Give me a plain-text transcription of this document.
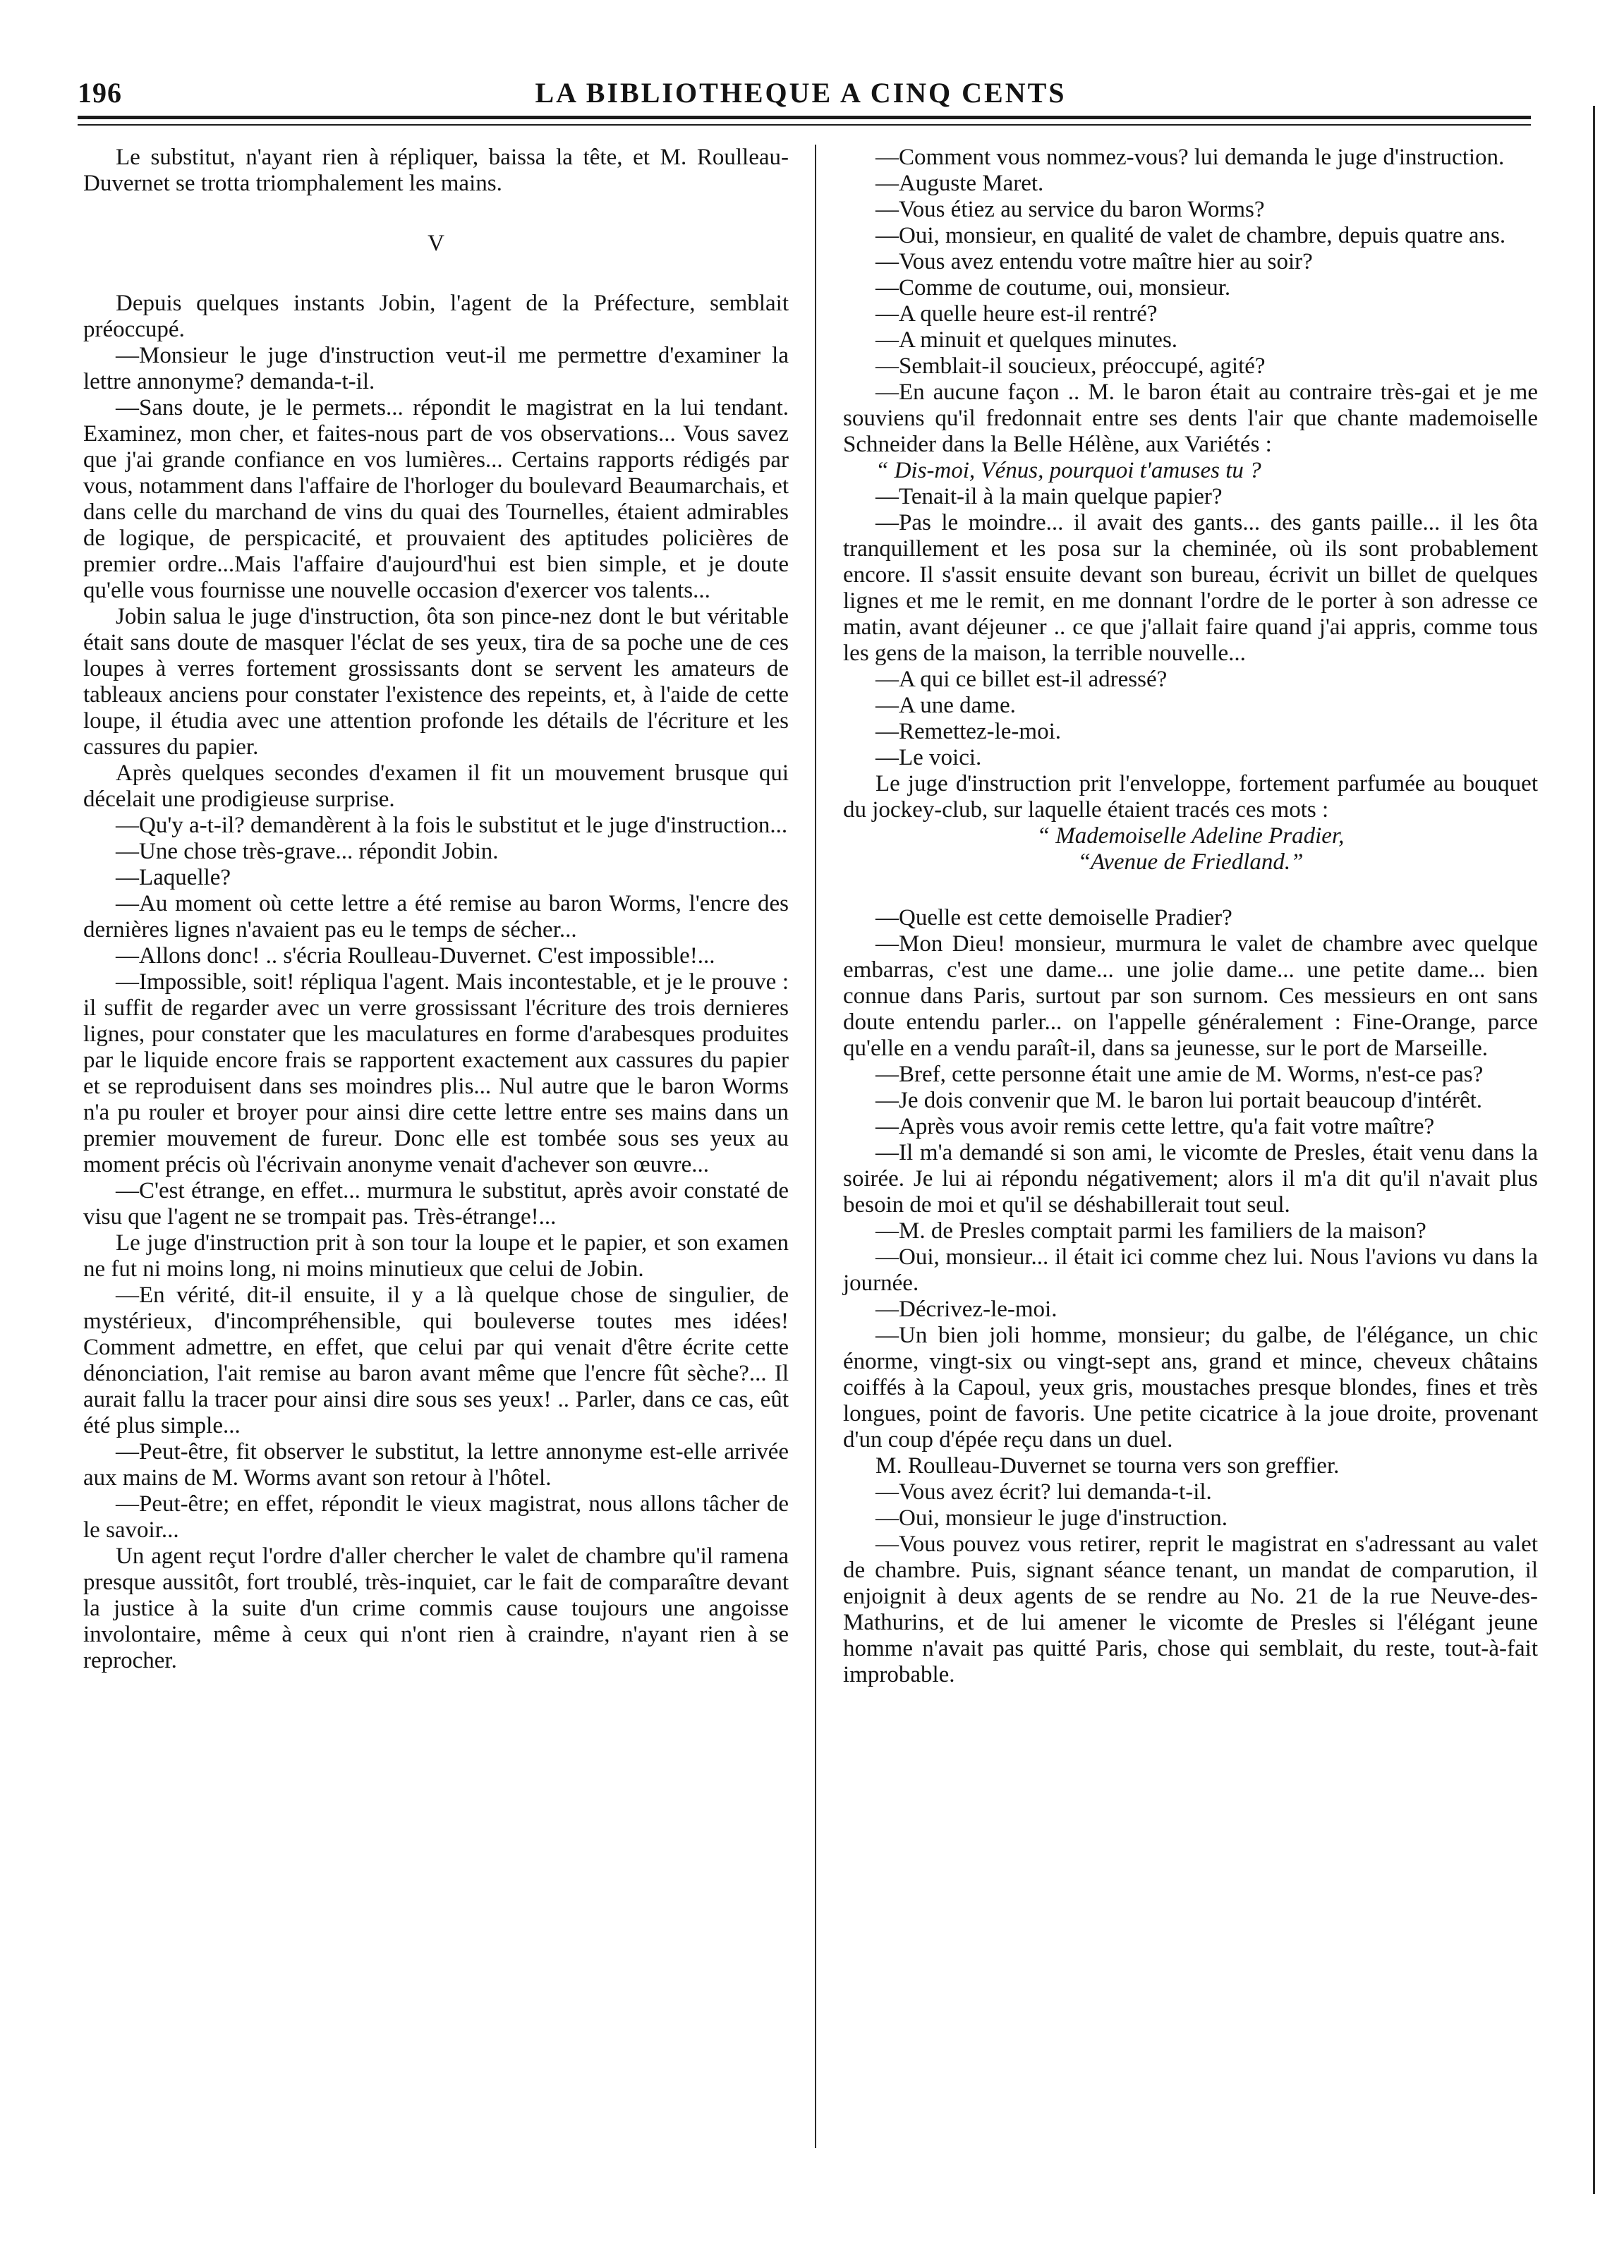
196	LA BIBLIOTHEQUE A CINQ CENTS

Le substitut, n'ayant rien à répliquer, baissa la tête, et M. Roulleau-Duvernet se trotta triomphalement les mains.

V

Depuis quelques instants Jobin, l'agent de la Préfecture, semblait préoccupé.

—Monsieur le juge d'instruction veut-il me permettre d'examiner la lettre annonyme? demanda-t-il.

—Sans doute, je le permets... répondit le magistrat en la lui tendant. Examinez, mon cher, et faites-nous part de vos observations... Vous savez que j'ai grande confiance en vos lumières... Certains rapports rédigés par vous, notamment dans l'affaire de l'horloger du boulevard Beaumarchais, et dans celle du marchand de vins du quai des Tournelles, étaient admirables de logique, de perspicacité, et prouvaient des aptitudes policières de premier ordre...Mais l'affaire d'aujourd'hui est bien simple, et je doute qu'elle vous fournisse une nouvelle occasion d'exercer vos talents...

Jobin salua le juge d'instruction, ôta son pince-nez dont le but véritable était sans doute de masquer l'éclat de ses yeux, tira de sa poche une de ces loupes à verres fortement grossissants dont se servent les amateurs de tableaux anciens pour constater l'existence des repeints, et, à l'aide de cette loupe, il étudia avec une attention profonde les détails de l'écriture et les cassures du papier.

Après quelques secondes d'examen il fit un mouvement brusque qui décelait une prodigieuse surprise.

—Qu'y a-t-il? demandèrent à la fois le substitut et le juge d'instruction...

—Une chose très-grave... répondit Jobin.

—Laquelle?

—Au moment où cette lettre a été remise au baron Worms, l'encre des dernières lignes n'avaient pas eu le temps de sécher...

—Allons donc! .. s'écria Roulleau-Duvernet. C'est impossible!...

—Impossible, soit! répliqua l'agent. Mais incontestable, et je le prouve : il suffit de regarder avec un verre grossissant l'écriture des trois dernieres lignes, pour constater que les maculatures en forme d'arabesques produites par le liquide encore frais se rapportent exactement aux cassures du papier et se reproduisent dans ses moindres plis... Nul autre que le baron Worms n'a pu rouler et broyer pour ainsi dire cette lettre entre ses mains dans un premier mouvement de fureur. Donc elle est tombée sous ses yeux au moment précis où l'écrivain anonyme venait d'achever son œuvre...

—C'est étrange, en effet... murmura le substitut, après avoir constaté de visu que l'agent ne se trompait pas. Très-étrange!...

Le juge d'instruction prit à son tour la loupe et le papier, et son examen ne fut ni moins long, ni moins minutieux que celui de Jobin.

—En vérité, dit-il ensuite, il y a là quelque chose de singulier, de mystérieux, d'incompréhensible, qui bouleverse toutes mes idées! Comment admettre, en effet, que celui par qui venait d'être écrite cette dénonciation, l'ait remise au baron avant même que l'encre fût sèche?... Il aurait fallu la tracer pour ainsi dire sous ses yeux! .. Parler, dans ce cas, eût été plus simple...

—Peut-être, fit observer le substitut, la lettre annonyme est-elle arrivée aux mains de M. Worms avant son retour à l'hôtel.

—Peut-être; en effet, répondit le vieux magistrat, nous allons tâcher de le savoir...

Un agent reçut l'ordre d'aller chercher le valet de chambre qu'il ramena presque aussitôt, fort troublé, très-inquiet, car le fait de comparaître devant la justice à la suite d'un crime commis cause toujours une angoisse involontaire, même à ceux qui n'ont rien à craindre, n'ayant rien à se reprocher.

—Comment vous nommez-vous? lui demanda le juge d'instruction.

—Auguste Maret.

—Vous étiez au service du baron Worms?

—Oui, monsieur, en qualité de valet de chambre, depuis quatre ans.

—Vous avez entendu votre maître hier au soir?

—Comme de coutume, oui, monsieur.

—A quelle heure est-il rentré?

—A minuit et quelques minutes.

—Semblait-il soucieux, préoccupé, agité?

—En aucune façon .. M. le baron était au contraire très-gai et je me souviens qu'il fredonnait entre ses dents l'air que chante mademoiselle Schneider dans la Belle Hélène, aux Variétés :

“ Dis-moi, Vénus, pourquoi t'amuses tu ?

—Tenait-il à la main quelque papier?

—Pas le moindre... il avait des gants... des gants paille... il les ôta tranquillement et les posa sur la cheminée, où ils sont probablement encore. Il s'assit ensuite devant son bureau, écrivit un billet de quelques lignes et me le remit, en me donnant l'ordre de le porter à son adresse ce matin, avant déjeuner .. ce que j'allait faire quand j'ai appris, comme tous les gens de la maison, la terrible nouvelle...

—A qui ce billet est-il adressé?

—A une dame.

—Remettez-le-moi.

—Le voici.

Le juge d'instruction prit l'enveloppe, fortement parfumée au bouquet du jockey-club, sur laquelle étaient tracés ces mots :

“ Mademoiselle Adeline Pradier,

“Avenue de Friedland.”

—Quelle est cette demoiselle Pradier?

—Mon Dieu! monsieur, murmura le valet de chambre avec quelque embarras, c'est une dame... une jolie dame... une petite dame... bien connue dans Paris, surtout par son surnom. Ces messieurs en ont sans doute entendu parler... on l'appelle généralement : Fine-Orange, parce qu'elle en a vendu paraît-il, dans sa jeunesse, sur le port de Marseille.

—Bref, cette personne était une amie de M. Worms, n'est-ce pas?

—Je dois convenir que M. le baron lui portait beaucoup d'intérêt.

—Après vous avoir remis cette lettre, qu'a fait votre maître?

—Il m'a demandé si son ami, le vicomte de Presles, était venu dans la soirée. Je lui ai répondu négativement; alors il m'a dit qu'il n'avait plus besoin de moi et qu'il se déshabillerait tout seul.

—M. de Presles comptait parmi les familiers de la maison?

—Oui, monsieur... il était ici comme chez lui. Nous l'avions vu dans la journée.

—Décrivez-le-moi.

—Un bien joli homme, monsieur; du galbe, de l'élégance, un chic énorme, vingt-six ou vingt-sept ans, grand et mince, cheveux châtains coiffés à la Capoul, yeux gris, moustaches presque blondes, fines et très longues, point de favoris. Une petite cicatrice à la joue droite, provenant d'un coup d'épée reçu dans un duel.

M. Roulleau-Duvernet se tourna vers son greffier.

—Vous avez écrit? lui demanda-t-il.

—Oui, monsieur le juge d'instruction.

—Vous pouvez vous retirer, reprit le magistrat en s'adressant au valet de chambre. Puis, signant séance tenant, un mandat de comparution, il enjoignit à deux agents de se rendre au No. 21 de la rue Neuve-des-Mathurins, et de lui amener le vicomte de Presles si l'élégant jeune homme n'avait pas quitté Paris, chose qui semblait, du reste, tout-à-fait improbable.
